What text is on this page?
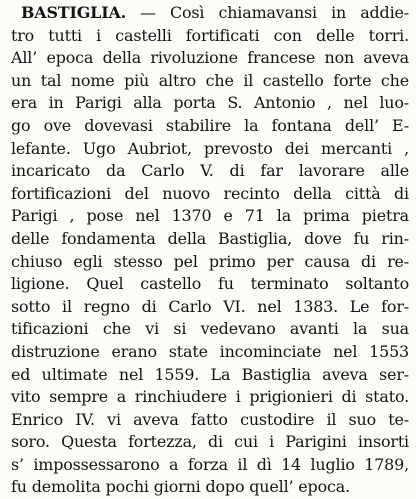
BASTIGLIA. — Così chiamavansi in addie-
tro tutti i castelli fortificati con delle torri.
All’ epoca della rivoluzione francese non aveva
un tal nome più altro che il castello forte che
era in Parigi alla porta S. Antonio , nel luo-
go ove dovevasi stabilire la fontana dell’ E-
lefante. Ugo Aubriot, prevosto dei mercanti ,
incaricato da Carlo V. di far lavorare alle
fortificazioni del nuovo recinto della città di
Parigi , pose nel 1370 e 71 la prima pietra
delle fondamenta della Bastiglia, dove fu rin-
chiuso egli stesso pel primo per causa di re-
ligione. Quel castello fu terminato soltanto
sotto il regno di Carlo VI. nel 1383. Le for-
tificazioni che vi si vedevano avanti la sua
distruzione erano state incominciate nel 1553
ed ultimate nel 1559. La Bastiglia aveva ser-
vito sempre a rinchiudere i prigionieri di stato.
Enrico IV. vi aveva fatto custodire il suo te-
soro. Questa fortezza, di cui i Parigini insorti
s’ impossessarono a forza il dì 14 luglio 1789,
fu demolita pochi giorni dopo quell’ epoca.
